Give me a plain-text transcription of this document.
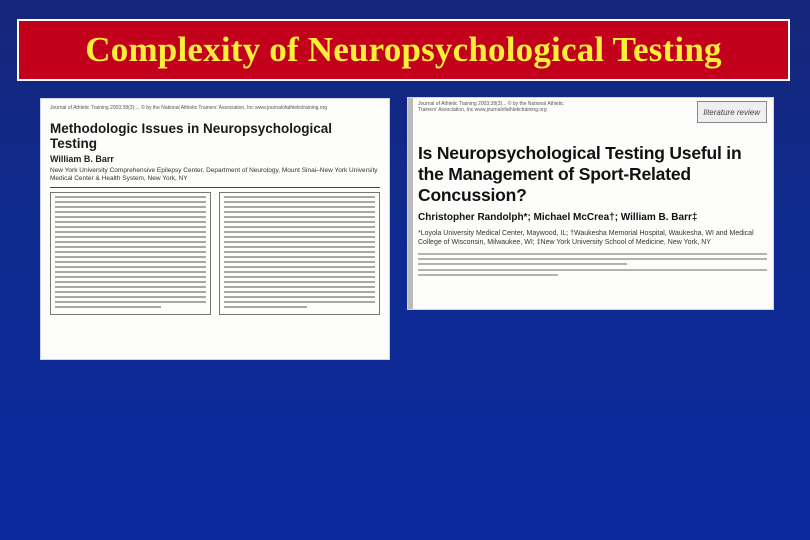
Complexity of Neuropsychological Testing
Journal of Athletic Training 2003;38(3):... © by the National Athletic Trainers' Association, Inc www.journalofathletictraining.org
Methodologic Issues in Neuropsychological Testing
William B. Barr
New York University Comprehensive Epilepsy Center, Department of Neurology, Mount Sinai–New York University Medical Center & Health System, New York, NY
Journal of Athletic Training 2003;38(3)... © by the National Athletic Trainers' Association, Inc www.journalofathletictraining.org	literature review
Is Neuropsychological Testing Useful in the Management of Sport-Related Concussion?
Christopher Randolph*; Michael McCrea†; William B. Barr‡
*Loyola University Medical Center, Maywood, IL; †Waukesha Memorial Hospital, Waukesha, WI and Medical College of Wisconsin, Milwaukee, WI; ‡New York University School of Medicine, New York, NY
